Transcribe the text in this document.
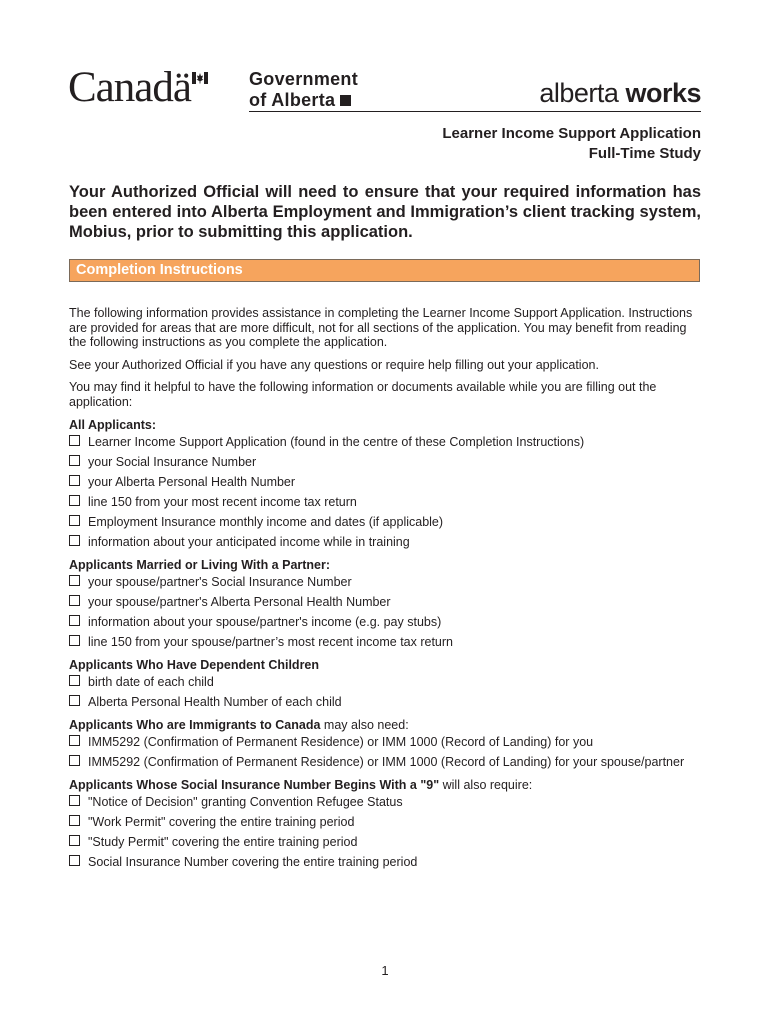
Canadä	Government
of Alberta	alberta works
Learner Income Support Application
Full-Time Study
Your Authorized Official will need to ensure that your required information has been entered into Alberta Employment and Immigration’s client tracking system, Mobius, prior to submitting this application.
Completion Instructions

The following information provides assistance in completing the Learner Income Support Application. Instructions are provided for areas that are more difficult, not for all sections of the application. You may benefit from reading the following instructions as you complete the application.

See your Authorized Official if you have any questions or require help filling out your application.

You may find it helpful to have the following information or documents available while you are filling out the application:

All Applicants:
Learner Income Support Application (found in the centre of these Completion Instructions)
your Social Insurance Number
your Alberta Personal Health Number
line 150 from your most recent income tax return
Employment Insurance monthly income and dates (if applicable)
information about your anticipated income while in training
Applicants Married or Living With a Partner:
your spouse/partner's Social Insurance Number
your spouse/partner's Alberta Personal Health Number
information about your spouse/partner's income (e.g. pay stubs)
line 150 from your spouse/partner’s most recent income tax return
Applicants Who Have Dependent Children
birth date of each child
Alberta Personal Health Number of each child
Applicants Who are Immigrants to Canada may also need:
IMM5292 (Confirmation of Permanent Residence) or IMM 1000 (Record of Landing) for you
IMM5292 (Confirmation of Permanent Residence) or IMM 1000 (Record of Landing) for your spouse/partner
Applicants Whose Social Insurance Number Begins With a "9" will also require:
"Notice of Decision" granting Convention Refugee Status
"Work Permit" covering the entire training period
"Study Permit" covering the entire training period
Social Insurance Number covering the entire training period
1
